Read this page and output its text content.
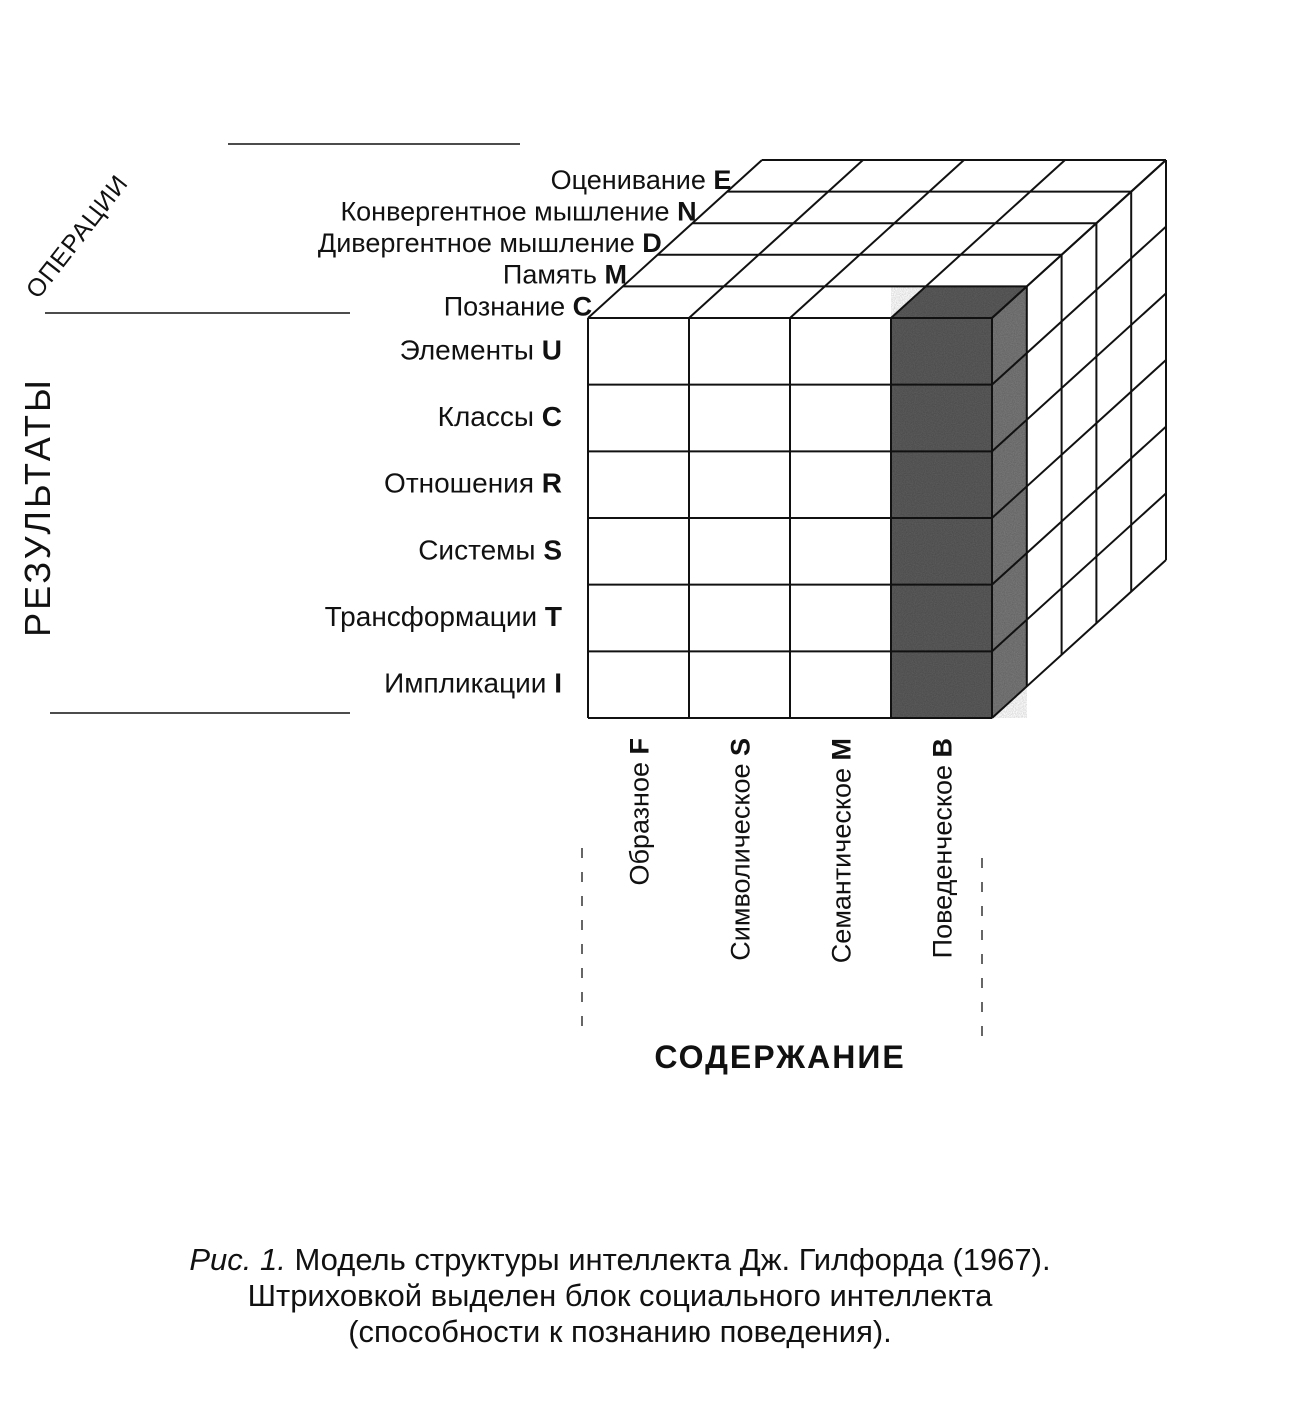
ОПЕРАЦИИ
РЕЗУЛЬТАТЫ
СОДЕРЖАНИЕ
Оценивание E
Конвергентное мышление N
Дивергентное мышление D
Память M
Познание C
Элементы U
Классы C
Отношения R
Системы S
Трансформации T
Импликации I
Образное F
Символическое S
Семантическое M
Поведенческое B
Рис. 1. Модель структуры интеллекта Дж. Гилфорда (1967).
Штриховкой выделен блок социального интеллекта
(способности к познанию поведения).
